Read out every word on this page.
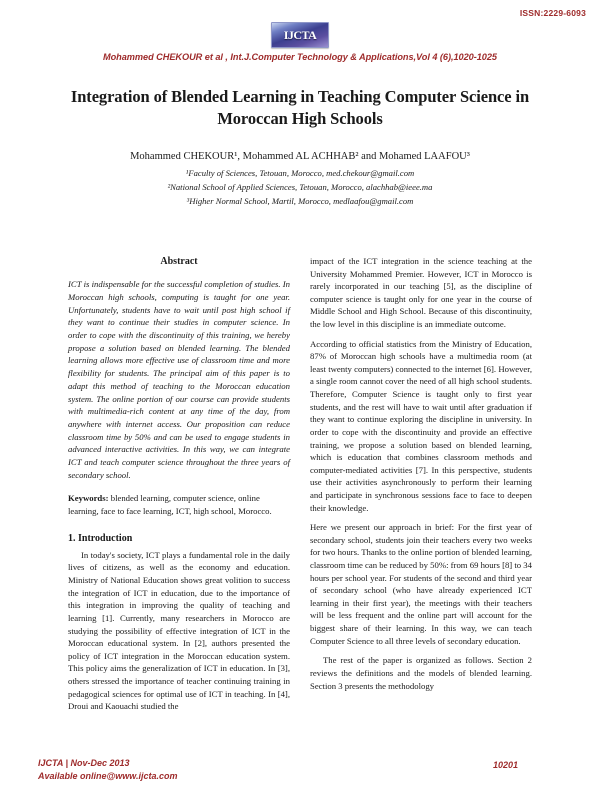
ISSN:2229-6093
IJCTA
Mohammed CHEKOUR et al , Int.J.Computer Technology & Applications,Vol 4 (6),1020-1025
Integration of Blended Learning in Teaching Computer Science in Moroccan High Schools
Mohammed CHEKOUR¹, Mohammed AL ACHHAB² and Mohamed LAAFOU³
¹Faculty of Sciences, Tetouan, Morocco, med.chekour@gmail.com
²National School of Applied Sciences, Tetouan, Morocco, alachhab@ieee.ma
³Higher Normal School, Martil, Morocco, medlaafou@gmail.com
Abstract

ICT is indispensable for the successful completion of studies. In Moroccan high schools, computing is taught for one year. Unfortunately, students have to wait until post high school if they want to continue their studies in computer science. In order to cope with the discontinuity of this training, we hereby propose a solution based on blended learning. The blended learning allows more effective use of classroom time and more flexibility for students. The principal aim of this paper is to adapt this method of teaching to the Moroccan education system. The online portion of our course can provide students with multimedia-rich content at any time of the day, from anywhere with internet access. Our proposition can reduce classroom time by 50% and can be used to engage students in advanced interactive activities. In this way, we can integrate ICT and teach computer science throughout the three years of secondary school.

Keywords: blended learning, computer science, online learning, face to face learning, ICT, high school, Morocco.

1. Introduction

In today's society, ICT plays a fundamental role in the daily lives of citizens, as well as the economy and education. Ministry of National Education shows great volition to success the integration of ICT in education, due to the importance of this integration in improving the quality of teaching and learning [1]. Currently, many researchers in Morocco are studying the possibility of effective integration of ICT in the Moroccan educational system. In [2], authors presented the policy of ICT integration in the Moroccan education system. This policy aims the generalization of ICT in education. In [3], others stressed the importance of teacher continuing training in pedagogical sciences for optimal use of ICT in teaching. In [4], Droui and Kaouachi studied the

impact of the ICT integration in the science teaching at the University Mohammed Premier. However, ICT in Morocco is rarely incorporated in our teaching [5], as the discipline of computer science is taught only for one year in the course of Middle School and High School. Because of this discontinuity, the low level in this discipline is an immediate outcome.

According to official statistics from the Ministry of Education, 87% of Moroccan high schools have a multimedia room (at least twenty computers) connected to the internet [6]. However, a single room cannot cover the need of all high school students. Therefore, Computer Science is taught only to first year students, and the rest will have to wait until after graduation if they want to continue exploring the discipline in university. In order to cope with the discontinuity and provide an effective training, we propose a solution based on blended learning, which is education that combines classroom methods and computer-mediated activities [7]. In this perspective, students use their activities asynchronously to perform their learning and participate in synchronous sessions face to face to deepen their knowledge.

Here we present our approach in brief: For the first year of secondary school, students join their teachers every two weeks for two hours. Thanks to the online portion of blended learning, classroom time can be reduced by 50%: from 69 hours [8] to 34 hours per school year. For students of the second and third year of secondary school (who have already experienced ICT learning in their first year), the meetings with their teachers will be less frequent and the online part will account for the biggest share of their learning. In this way, we can teach Computer Science to all three levels of secondary education.

The rest of the paper is organized as follows. Section 2 reviews the definitions and the models of blended learning. Section 3 presents the methodology

IJCTA | Nov-Dec 2013
Available online@www.ijcta.com
10201
